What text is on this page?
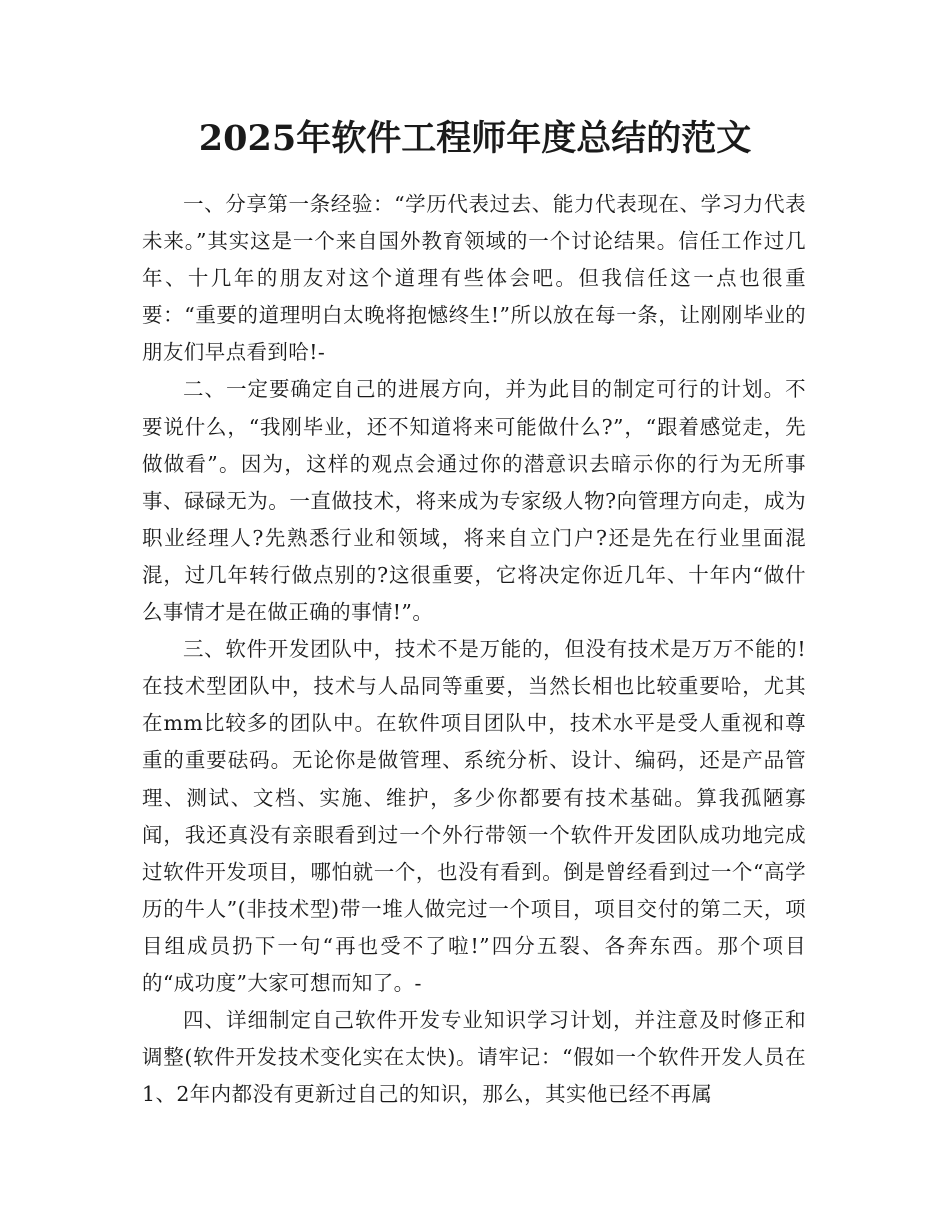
2025年软件工程师年度总结的范文

一、分享第一条经验：“学历代表过去、能力代表现在、学习力代表未来。”其实这是一个来自国外教育领域的一个讨论结果。信任工作过几年、十几年的朋友对这个道理有些体会吧。但我信任这一点也很重要：“重要的道理明白太晚将抱憾终生!”所以放在每一条，让刚刚毕业的朋友们早点看到哈!-

二、一定要确定自己的进展方向，并为此目的制定可行的计划。不要说什么，“我刚毕业，还不知道将来可能做什么?”，“跟着感觉走，先做做看”。因为，这样的观点会通过你的潜意识去暗示你的行为无所事事、碌碌无为。一直做技术，将来成为专家级人物?向管理方向走，成为职业经理人?先熟悉行业和领域，将来自立门户?还是先在行业里面混混，过几年转行做点别的?这很重要，它将决定你近几年、十年内“做什么事情才是在做正确的事情!”。

三、软件开发团队中，技术不是万能的，但没有技术是万万不能的!在技术型团队中，技术与人品同等重要，当然长相也比较重要哈，尤其在mm比较多的团队中。在软件项目团队中，技术水平是受人重视和尊重的重要砝码。无论你是做管理、系统分析、设计、编码，还是产品管理、测试、文档、实施、维护，多少你都要有技术基础。算我孤陋寡闻，我还真没有亲眼看到过一个外行带领一个软件开发团队成功地完成过软件开发项目，哪怕就一个，也没有看到。倒是曾经看到过一个“高学历的牛人”(非技术型)带一堆人做完过一个项目，项目交付的第二天，项目组成员扔下一句“再也受不了啦!”四分五裂、各奔东西。那个项目的“成功度”大家可想而知了。-

四、详细制定自己软件开发专业知识学习计划，并注意及时修正和调整(软件开发技术变化实在太快)。请牢记：“假如一个软件开发人员在1、2年内都没有更新过自己的知识，那么，其实他已经不再属
